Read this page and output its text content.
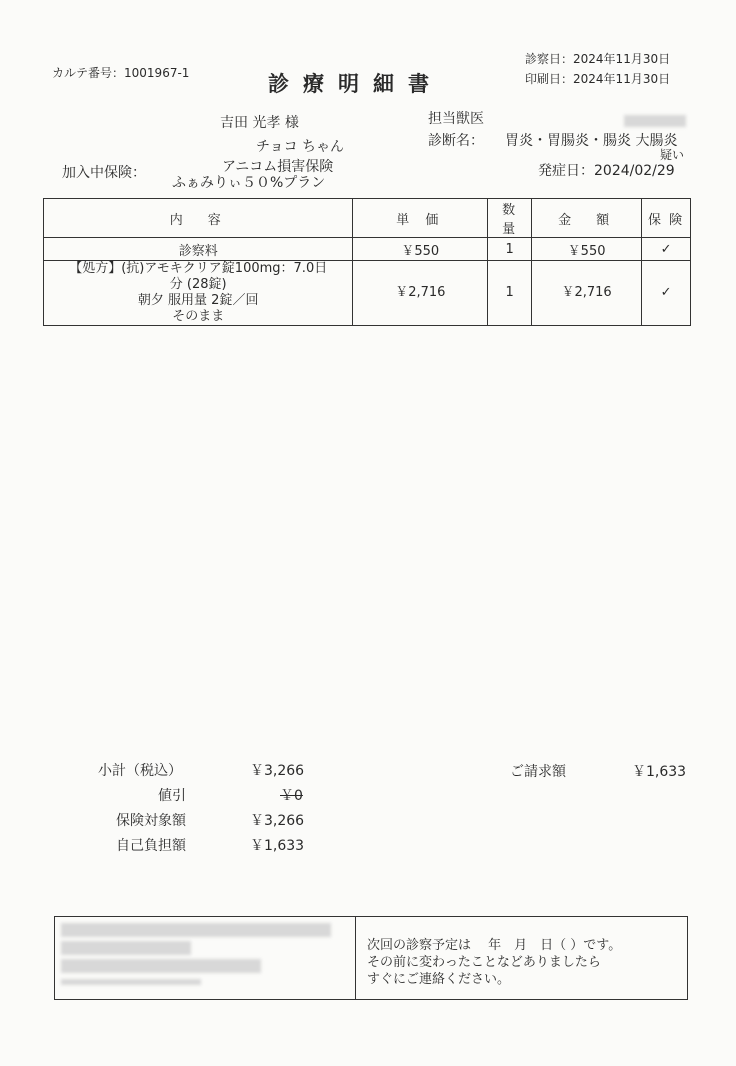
カルテ番号：1001967-1	診療明細書
診察日：2024年11月30日
印刷日：2024年11月30日
吉田 光孝 様
チョコ ちゃん
加入中保険：	アニコム損害保険
ふぁみりぃ５０%プラン
担当獣医
診断名： 胃炎・胃腸炎・腸炎 大腸炎
疑い
発症日：2024/02/29
内　容	単 価	数 量	金　額	保 険
診察料	￥550	1	￥550	✓

【処方】(抗)アモキクリア錠100mg：7.0日
分 (28錠)
朝夕 服用量 2錠／回
そのまま	￥2,716	1	￥2,716	✓
小計（税込）	￥3,266
値引	￥0
保険対象額	￥3,266
自己負担額	￥1,633
ご請求額	￥1,633
次回の診察予定は　 年　月　日（ ）です。
その前に変わったことなどありましたら
すぐにご連絡ください。
